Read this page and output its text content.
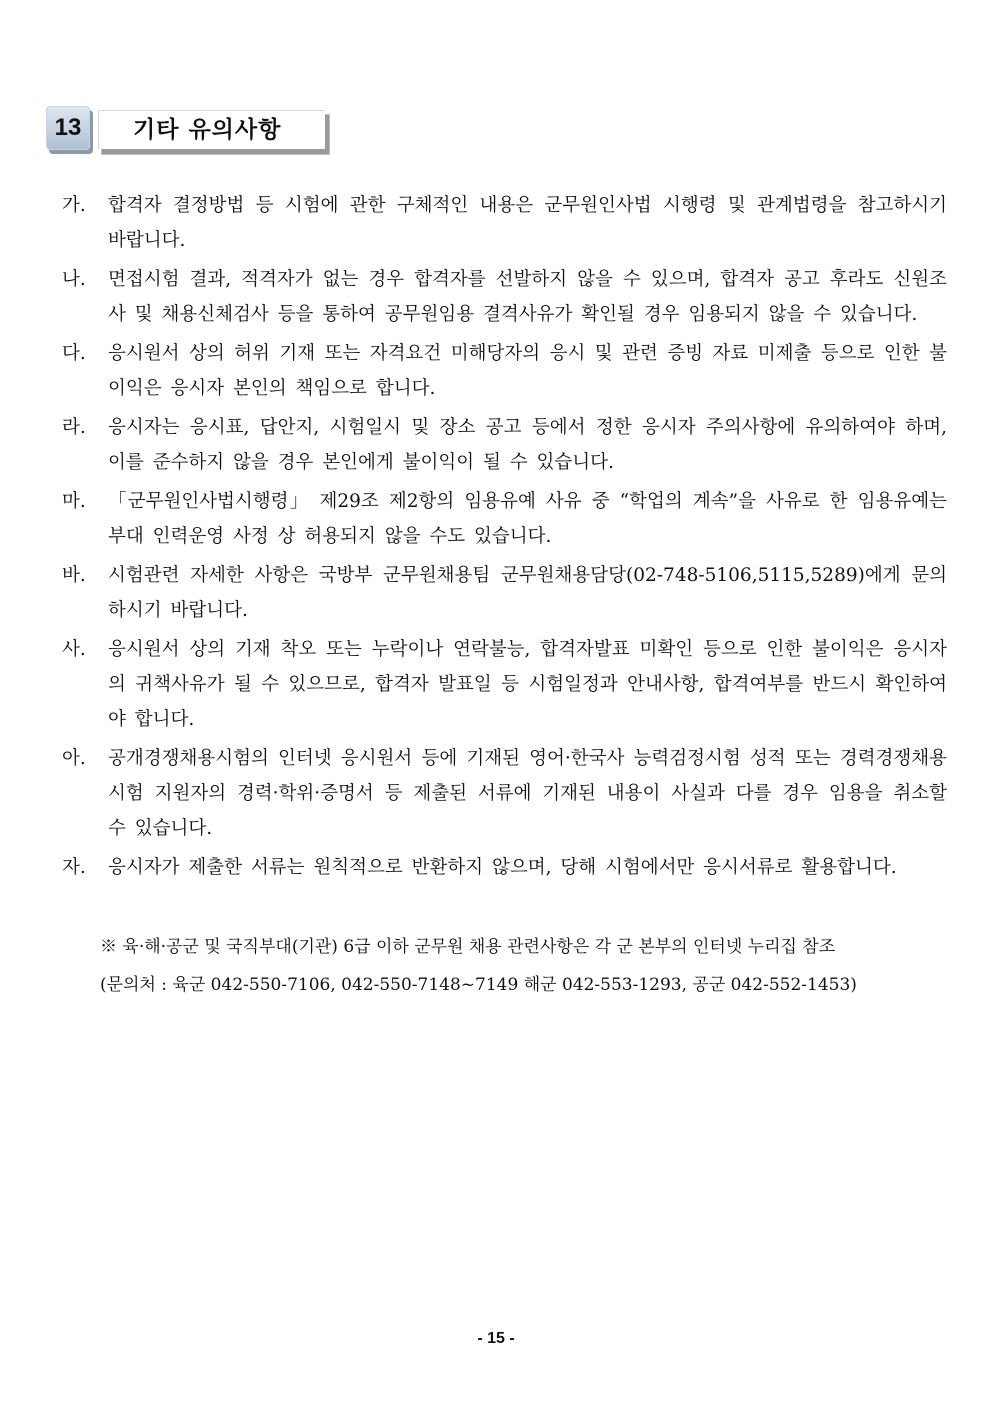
13	기타 유의사항
가.	합격자 결정방법 등 시험에 관한 구체적인 내용은 군무원인사법 시행령 및 관계법령을 참고하시기 바랍니다.
나.	면접시험 결과, 적격자가 없는 경우 합격자를 선발하지 않을 수 있으며, 합격자 공고 후라도 신원조사 및 채용신체검사 등을 통하여 공무원임용 결격사유가 확인될 경우 임용되지 않을 수 있습니다.
다.	응시원서 상의 허위 기재 또는 자격요건 미해당자의 응시 및 관련 증빙 자료 미제출 등으로 인한 불이익은 응시자 본인의 책임으로 합니다.
라.	응시자는 응시표, 답안지, 시험일시 및 장소 공고 등에서 정한 응시자 주의사항에 유의하여야 하며, 이를 준수하지 않을 경우 본인에게 불이익이 될 수 있습니다.
마.	「군무원인사법시행령」 제29조 제2항의 임용유예 사유 중 “학업의 계속”을 사유로 한 임용유예는 부대 인력운영 사정 상 허용되지 않을 수도 있습니다.
바.	시험관련 자세한 사항은 국방부 군무원채용팀 군무원채용담당(02-748-5106,5115,5289)에게 문의하시기 바랍니다.
사.	응시원서 상의 기재 착오 또는 누락이나 연락불능, 합격자발표 미확인 등으로 인한 불이익은 응시자의 귀책사유가 될 수 있으므로, 합격자 발표일 등 시험일정과 안내사항, 합격여부를 반드시 확인하여야 합니다.
아.	공개경쟁채용시험의 인터넷 응시원서 등에 기재된 영어·한국사 능력검정시험 성적 또는 경력경쟁채용시험 지원자의 경력·학위·증명서 등 제출된 서류에 기재된 내용이 사실과 다를 경우 임용을 취소할 수 있습니다.
자.	응시자가 제출한 서류는 원칙적으로 반환하지 않으며, 당해 시험에서만 응시서류로 활용합니다.
※ 육·해·공군 및 국직부대(기관) 6급 이하 군무원 채용 관련사항은 각 군 본부의 인터넷 누리집 참조
(문의처 : 육군 042-550-7106, 042-550-7148~7149 해군 042-553-1293, 공군 042-552-1453)
- 15 -
